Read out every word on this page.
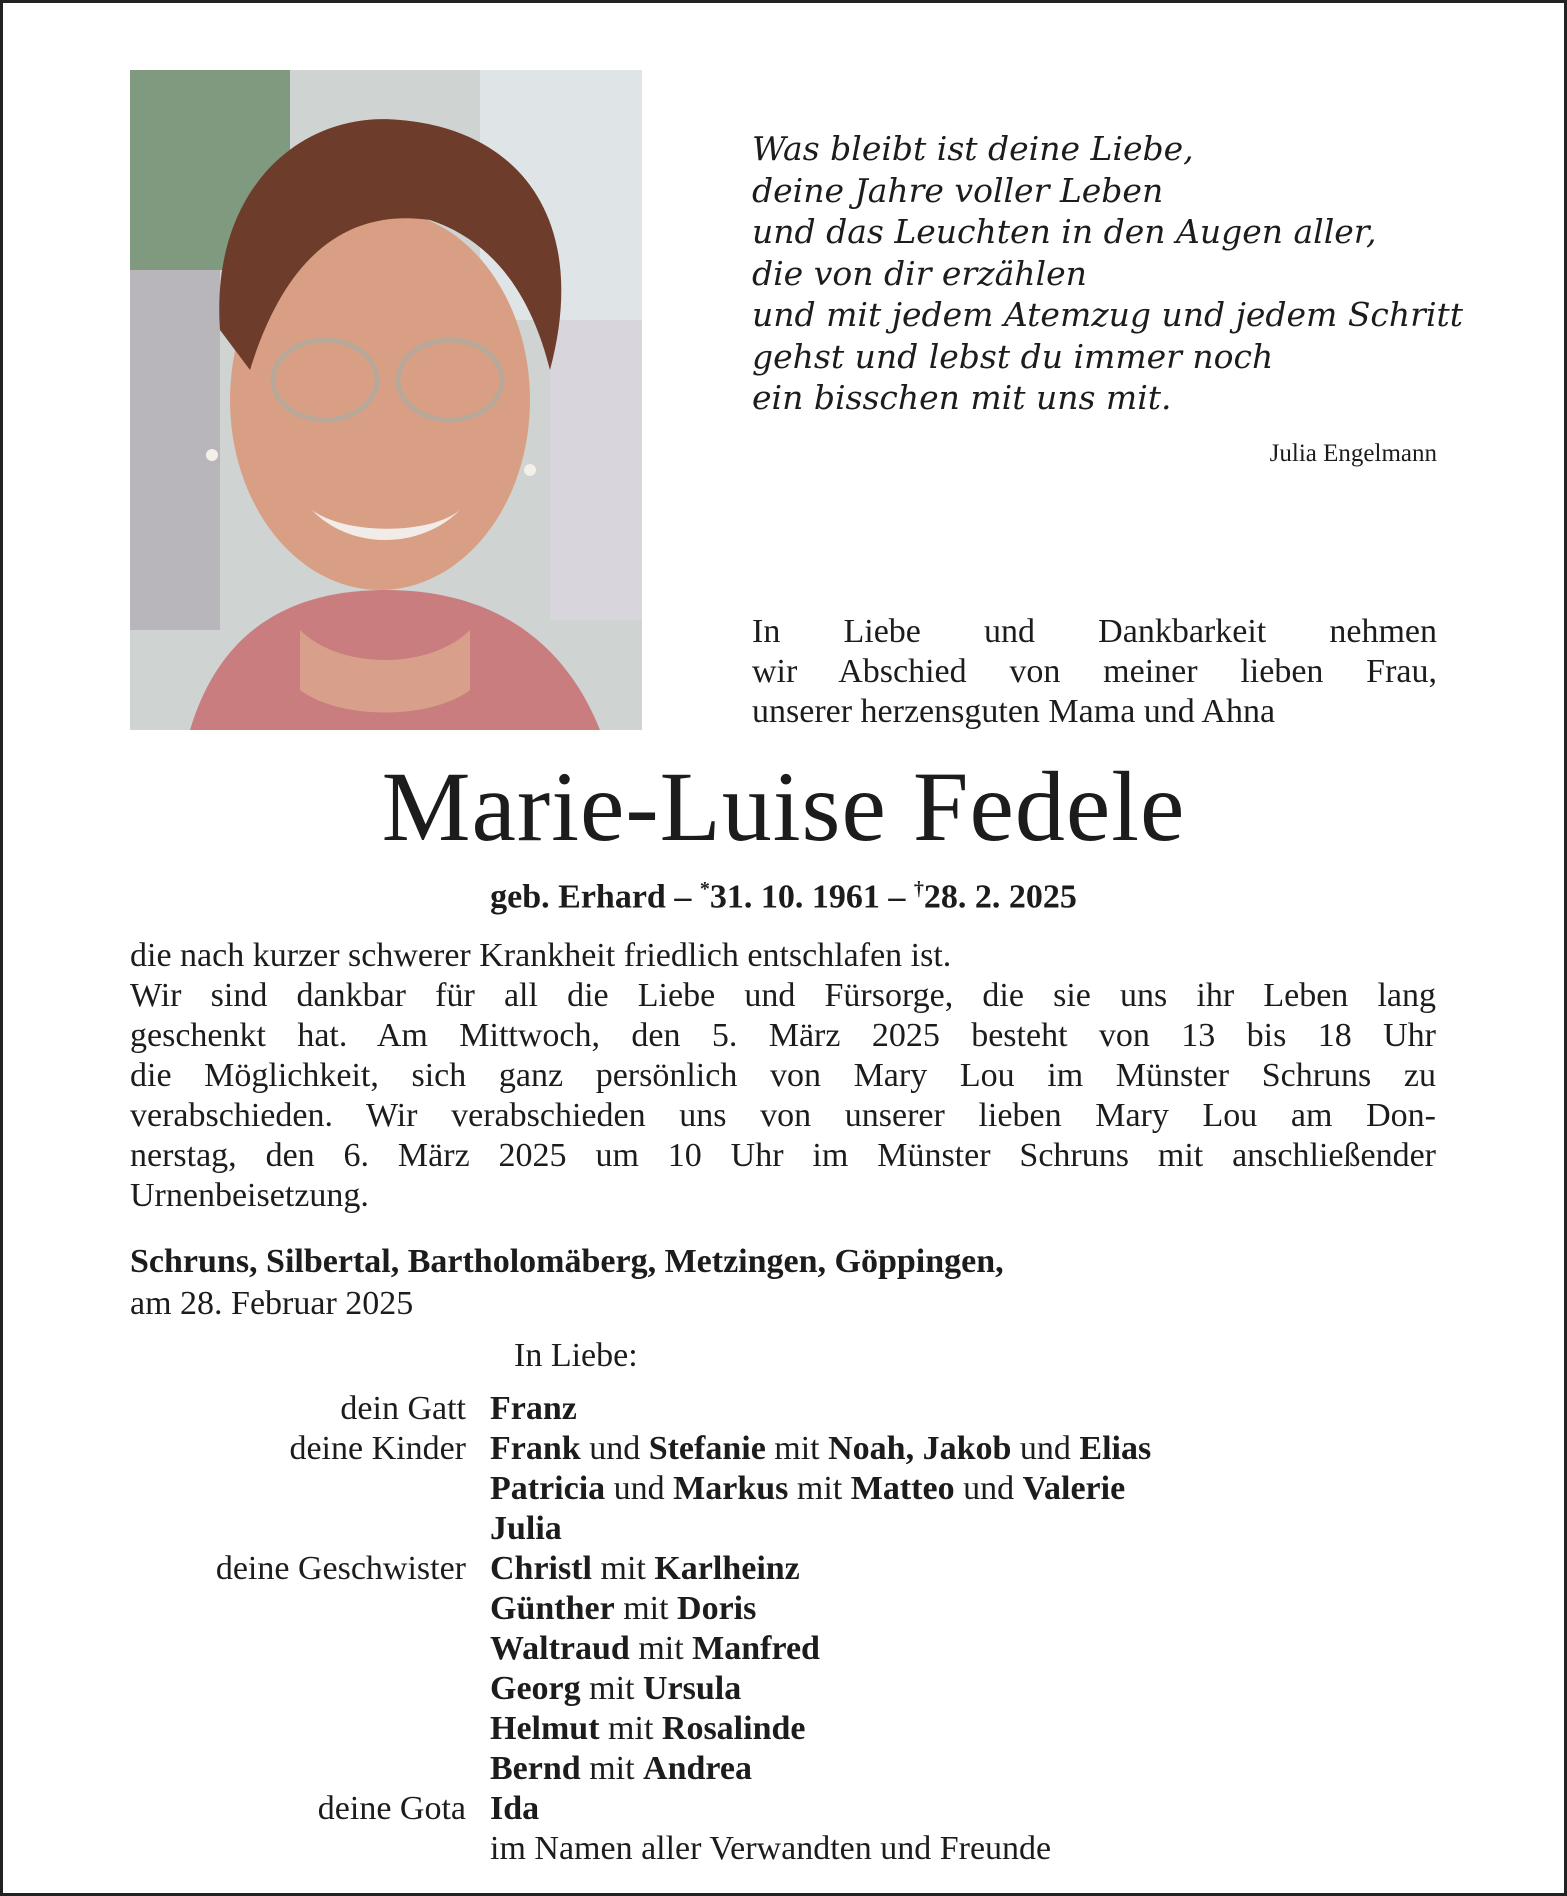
Was bleibt ist deine Liebe,
deine Jahre voller Leben
und das Leuchten in den Augen aller,
die von dir erzählen
und mit jedem Atemzug und jedem Schritt
gehst und lebst du immer noch
ein bisschen mit uns mit.
Julia Engelmann
In Liebe und Dankbarkeit nehmen
wir Abschied von meiner lieben Frau,
unserer herzensguten Mama und Ahna
Marie-Luise Fedele
geb. Erhard – *31. 10. 1961 – †28. 2. 2025
die nach kurzer schwerer Krankheit friedlich entschlafen ist.
Wir sind dankbar für all die Liebe und Fürsorge, die sie uns ihr Leben lang
geschenkt hat. Am Mittwoch, den 5. März 2025 besteht von 13 bis 18 Uhr
die Möglichkeit, sich ganz persönlich von Mary Lou im Münster Schruns zu
verabschieden. Wir verabschieden uns von unserer lieben Mary Lou am Don-
nerstag, den 6. März 2025 um 10 Uhr im Münster Schruns mit anschließender
Urnenbeisetzung.
Schruns, Silbertal, Bartholomäberg, Metzingen, Göppingen,
am 28. Februar 2025
In Liebe:
dein Gatt Franz
deine Kinder Frank und Stefanie mit Noah, Jakob und Elias
Patricia und Markus mit Matteo und Valerie
Julia
deine Geschwister Christl mit Karlheinz
Günther mit Doris
Waltraud mit Manfred
Georg mit Ursula
Helmut mit Rosalinde
Bernd mit Andrea
deine Gota Ida
im Namen aller Verwandten und Freunde
